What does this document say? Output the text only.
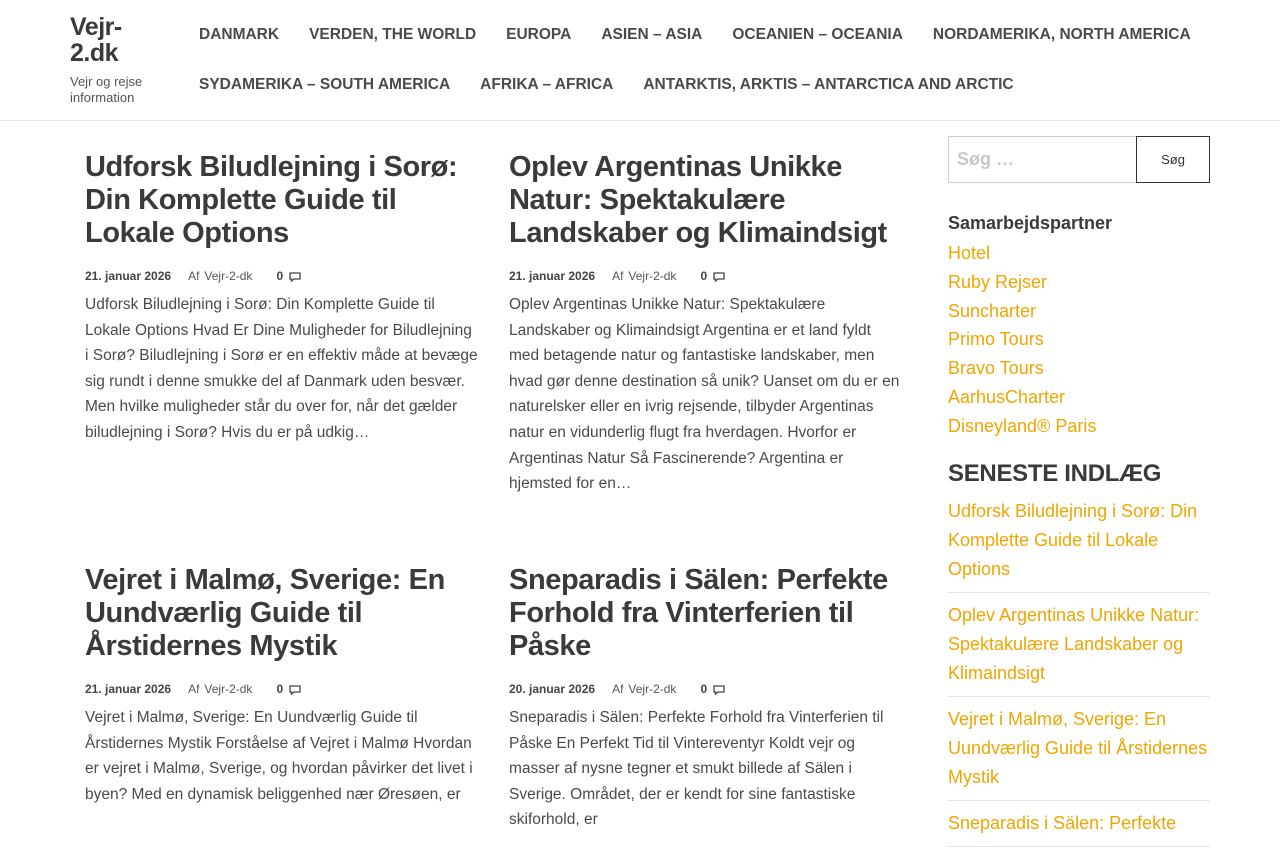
Vejr-2.dk

Vejr og rejse information

DANMARK	VERDEN, THE WORLD	EUROPA	ASIEN – ASIA	OCEANIEN – OCEANIA	NORDAMERIKA, NORTH AMERICA
SYDAMERIKA – SOUTH AMERICA	AFRIKA – AFRICA	ANTARKTIS, ARKTIS – ANTARCTICA AND ARCTIC
Udforsk Biludlejning i Sorø: Din Komplette Guide til Lokale Options
21. januar 2026 Af Vejr-2-dk 0

Udforsk Biludlejning i Sorø: Din Komplette Guide til Lokale Options Hvad Er Dine Muligheder for Biludlejning i Sorø? Biludlejning i Sorø er en effektiv måde at bevæge sig rundt i denne smukke del af Danmark uden besvær. Men hvilke muligheder står du over for, når det gælder biludlejning i Sorø? Hvis du er på udkig…

Oplev Argentinas Unikke Natur: Spektakulære Landskaber og Klimaindsigt
21. januar 2026 Af Vejr-2-dk 0

Oplev Argentinas Unikke Natur: Spektakulære Landskaber og Klimaindsigt Argentina er et land fyldt med betagende natur og fantastiske landskaber, men hvad gør denne destination så unik? Uanset om du er en naturelsker eller en ivrig rejsende, tilbyder Argentinas natur en vidunderlig flugt fra hverdagen. Hvorfor er Argentinas Natur Så Fascinerende? Argentina er hjemsted for en…

Vejret i Malmø, Sverige: En Uundværlig Guide til Årstidernes Mystik
21. januar 2026 Af Vejr-2-dk 0

Vejret i Malmø, Sverige: En Uundværlig Guide til Årstidernes Mystik Forståelse af Vejret i Malmø Hvordan er vejret i Malmø, Sverige, og hvordan påvirker det livet i byen? Med en dynamisk beliggenhed nær Øresøen, er

Sneparadis i Sälen: Perfekte Forhold fra Vinterferien til Påske
20. januar 2026 Af Vejr-2-dk 0

Sneparadis i Sälen: Perfekte Forhold fra Vinterferien til Påske En Perfekt Tid til Vintereventyr Koldt vejr og masser af nysne tegner et smukt billede af Sälen i Sverige. Området, der er kendt for sine fantastiske skiforhold, er

Søg …
Søg
Samarbejdspartner
Hotel
Ruby Rejser
Suncharter
Primo Tours
Bravo Tours
AarhusCharter
Disneyland® Paris
SENESTE INDLÆG
Udforsk Biludlejning i Sorø: Din Komplette Guide til Lokale Options
Oplev Argentinas Unikke Natur: Spektakulære Landskaber og Klimaindsigt
Vejret i Malmø, Sverige: En Uundværlig Guide til Årstidernes Mystik
Sneparadis i Sälen: Perfekte
